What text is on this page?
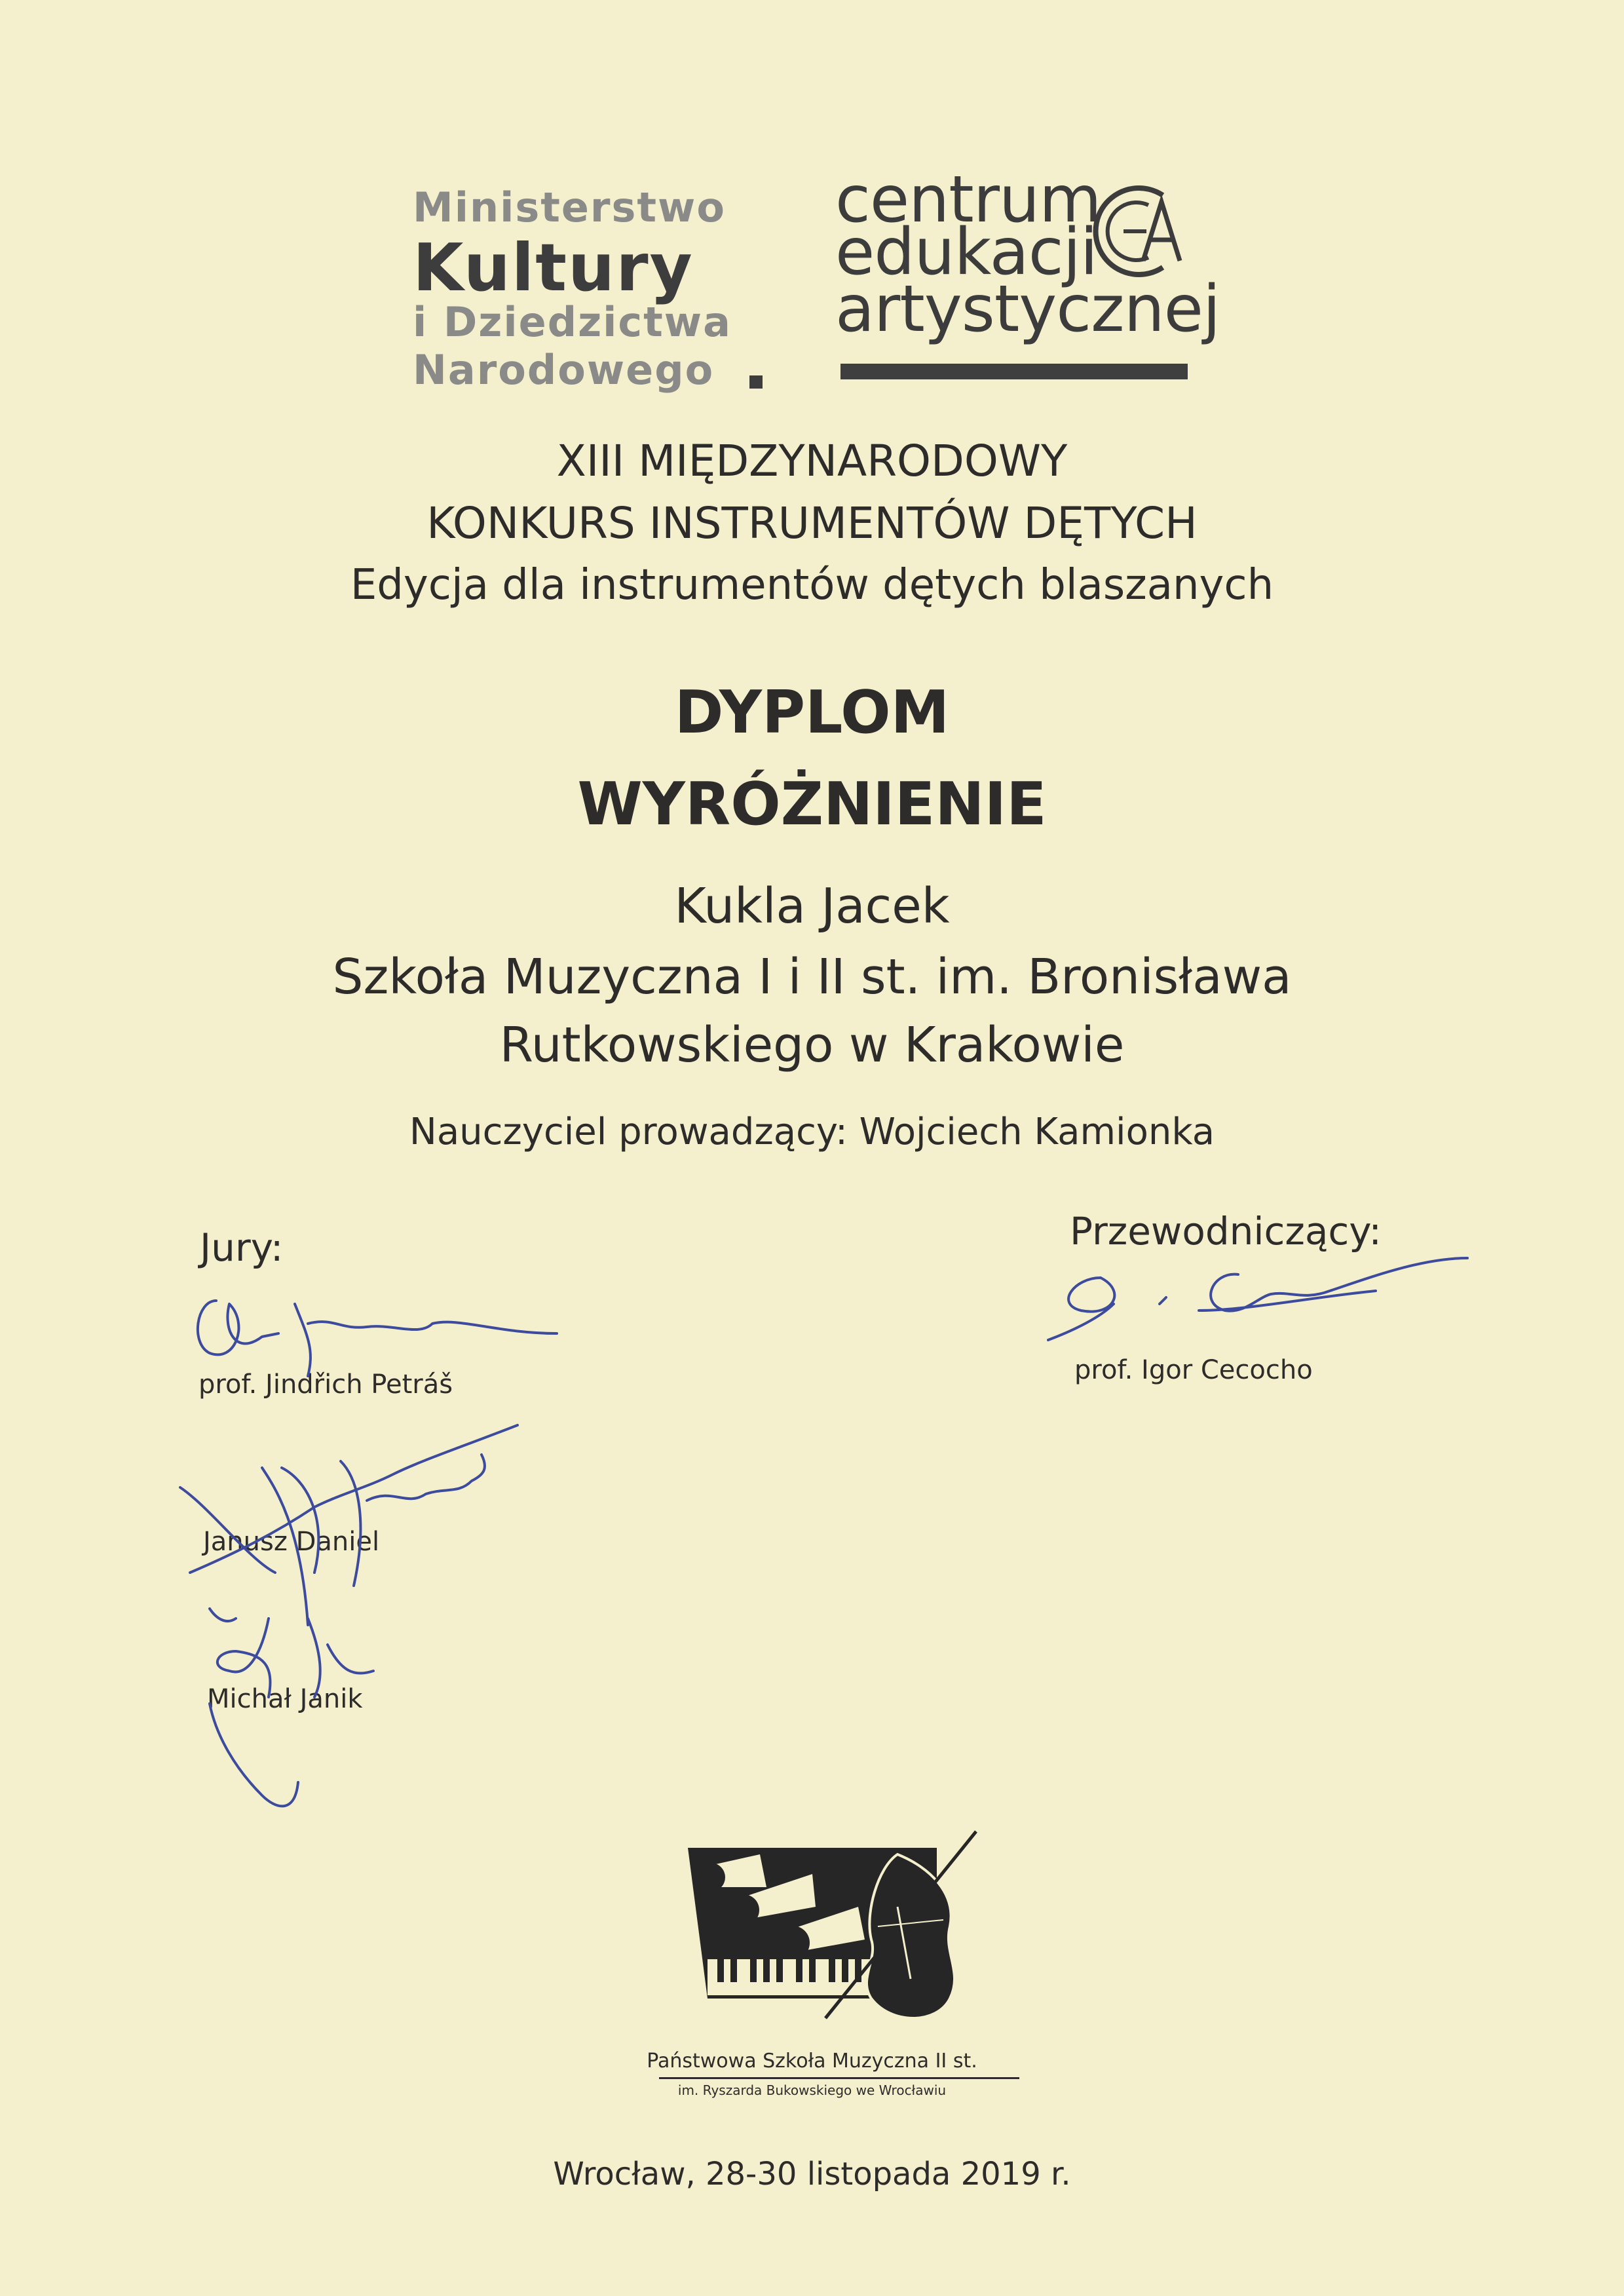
Ministerstwo
Kultury
i Dziedzictwa
Narodowego
centrum
edukacji
artystycznej
XIII MIĘDZYNARODOWY
KONKURS INSTRUMENTÓW DĘTYCH
Edycja dla instrumentów dętych blaszanych
DYPLOM
WYRÓŻNIENIE
Kukla Jacek
Szkoła Muzyczna I i II st. im. Bronisława
Rutkowskiego w Krakowie
Nauczyciel prowadzący: Wojciech Kamionka
Jury:
prof. Jindřich Petráš
Janusz Daniel
Michał Janik
Przewodniczący:
prof. Igor Cecocho
Państwowa Szkoła Muzyczna II st.
im. Ryszarda Bukowskiego we Wrocławiu
Wrocław, 28-30 listopada 2019 r.
